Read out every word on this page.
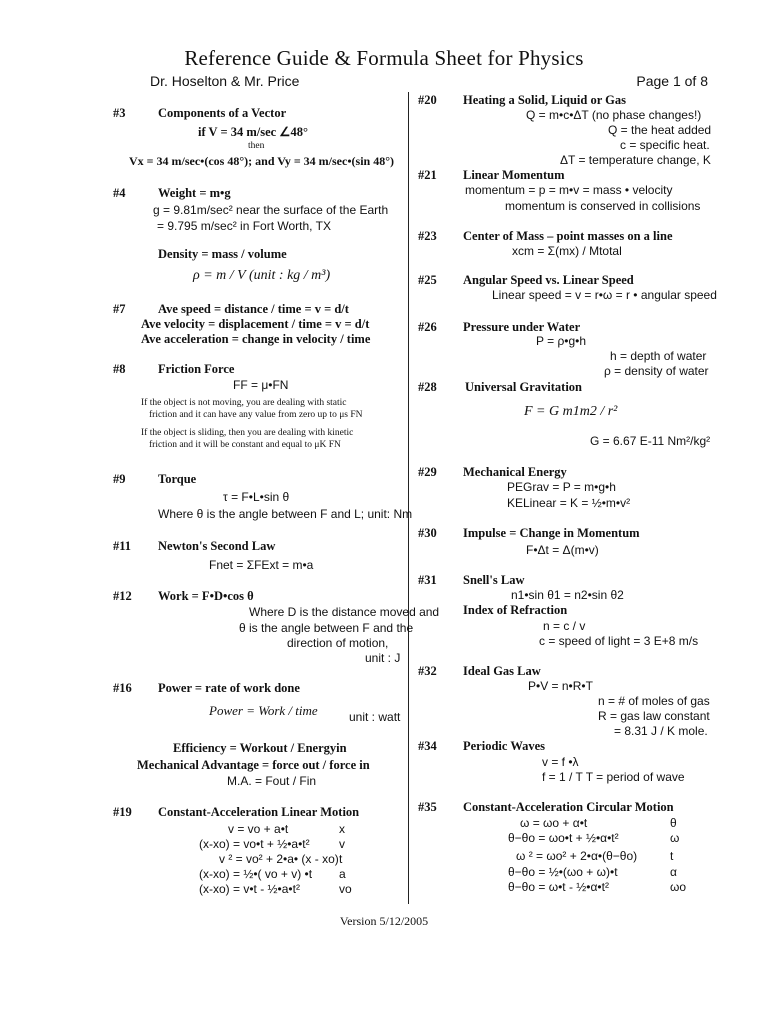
Reference Guide & Formula Sheet for Physics
Dr. Hoselton & Mr. Price	Page 1 of 8
#3	Components of a Vector
if V = 34 m/sec ∠48°
then
Vx = 34 m/sec•(cos 48°); and Vy = 34 m/sec•(sin 48°)
#4	Weight = m•g
g = 9.81m/sec² near the surface of the Earth
= 9.795 m/sec² in Fort Worth, TX
Density = mass / volume
ρ = m / V (unit : kg / m³)
#7	Ave speed = distance / time = v = d/t
Ave velocity = displacement / time = v = d/t
Ave acceleration = change in velocity / time
#8	Friction Force
FF = μ•FN
If the object is not moving, you are dealing with static
friction and it can have any value from zero up to μs FN
If the object is sliding, then you are dealing with kinetic
friction and it will be constant and equal to μK FN
#9	Torque
τ = F•L•sin θ
Where θ is the angle between F and L; unit: Nm
#11 Newton's Second Law
Fnet = ΣFExt = m•a
#12 Work = F•D•cos θ
Where D is the distance moved and
θ is the angle between F and the
direction of motion,
unit : J
#16 Power = rate of work done
Power = Work / time	unit : watt
Efficiency = Workout / Energyin
Mechanical Advantage = force out / force in
M.A. = Fout / Fin
#19 Constant-Acceleration Linear Motion
v = vo + a•t	x
(x-xo) = vo•t + ½•a•t² v
v ² = vo² + 2•a• (x - xo) t
(x-xo) = ½•( vo + v) •t a
(x-xo) = v•t - ½•a•t²	vo
#20 Heating a Solid, Liquid or Gas
Q = m•c•ΔT (no phase changes!)
Q = the heat added
c = specific heat.
ΔT = temperature change, K
#21 Linear Momentum
momentum = p = m•v = mass • velocity
momentum is conserved in collisions
#23 Center of Mass – point masses on a line
xcm = Σ(mx) / Mtotal
#25 Angular Speed vs. Linear Speed
Linear speed = v = r•ω = r • angular speed
#26 Pressure under Water
P = ρ•g•h
h = depth of water
ρ = density of water
#28 Universal Gravitation
F = G m1m2 / r²
G = 6.67 E-11 Nm²/kg²
#29 Mechanical Energy
PEGrav = P = m•g•h
KELinear = K = ½•m•v²
#30 Impulse = Change in Momentum
F•Δt = Δ(m•v)
#31 Snell's Law
n1•sin θ1 = n2•sin θ2
Index of Refraction
n = c / v
c = speed of light = 3 E+8 m/s
#32 Ideal Gas Law
P•V = n•R•T
n = # of moles of gas
R = gas law constant
= 8.31 J / K mole.
#34 Periodic Waves
v = f •λ
f = 1 / T T = period of wave
#35 Constant-Acceleration Circular Motion
ω = ωo + α•t	θ
θ−θo = ωo•t + ½•α•t²	ω
ω ² = ωo² + 2•α•(θ−θo)	t
θ−θo = ½•(ωo + ω)•t	α
θ−θo = ω•t - ½•α•t²	ωo
Version 5/12/2005
